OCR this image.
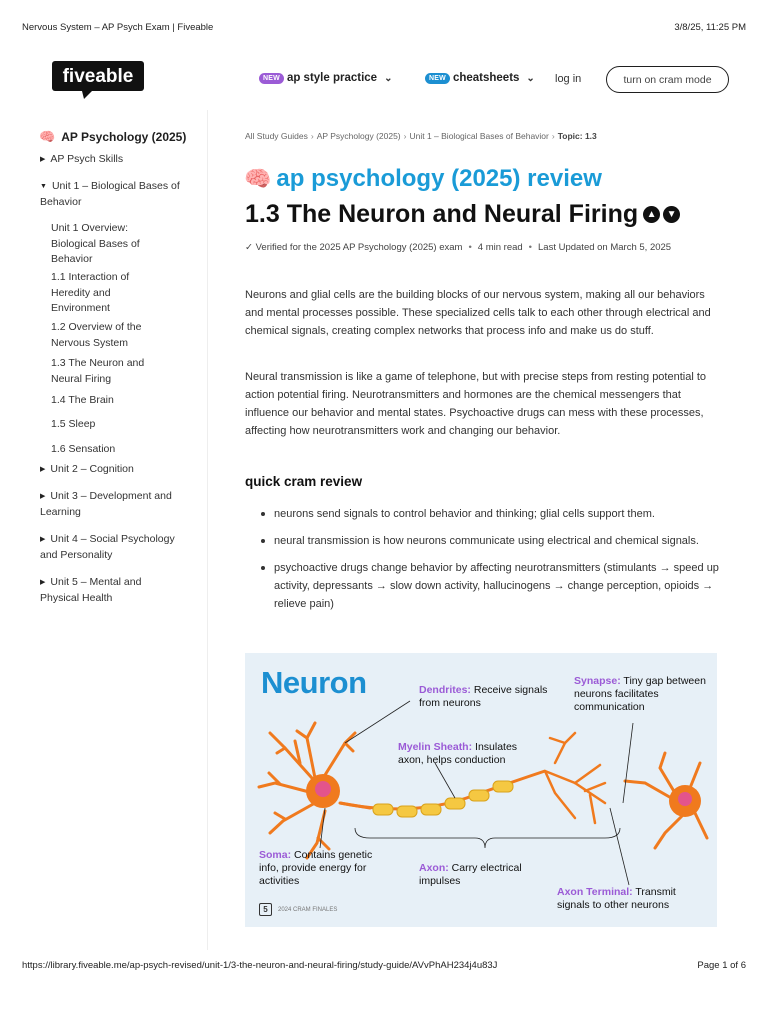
Nervous System – AP Psych Exam | Fiveable	3/8/25, 11:25 PM
fiveable	NEW ap style practice ⌄	NEW cheatsheets ⌄ log in	turn on cram mode
🧠 AP Psychology (2025)
▶ AP Psych Skills
▼ Unit 1 – Biological Bases of Behavior
Unit 1 Overview: Biological Bases of Behavior
1.1 Interaction of Heredity and Environment
1.2 Overview of the Nervous System
1.3 The Neuron and Neural Firing
1.4 The Brain
1.5 Sleep
1.6 Sensation
▶ Unit 2 – Cognition
▶ Unit 3 – Development and Learning
▶ Unit 4 – Social Psychology and Personality
▶ Unit 5 – Mental and Physical Health
All Study Guides › AP Psychology (2025) › Unit 1 – Biological Bases of Behavior › Topic: 1.3
🧠 ap psychology (2025) review
1.3 The Neuron and Neural Firing ▲	▼
✓ Verified for the 2025 AP Psychology (2025) exam • 4 min read • Last Updated on March 5, 2025

Neurons and glial cells are the building blocks of our nervous system, making all our behaviors and mental processes possible. These specialized cells talk to each other through electrical and chemical signals, creating complex networks that process info and make us do stuff.

Neural transmission is like a game of telephone, but with precise steps from resting potential to action potential firing. Neurotransmitters and hormones are the chemical messengers that influence our behavior and mental states. Psychoactive drugs can mess with these processes, affecting how neurotransmitters work and changing our behavior.

quick cram review
neurons send signals to control behavior and thinking; glial cells support them.
neural transmission is how neurons communicate using electrical and chemical signals.
psychoactive drugs change behavior by affecting neurotransmitters (stimulants → speed up activity, depressants → slow down activity, hallucinogens → change perception, opioids → relieve pain)
Neuron	Dendrites: Receive signals from neurons
Synapse: Tiny gap between neurons facilitates communication
Myelin Sheath: Insulates axon, helps conduction
Soma: Contains genetic info, provide energy for activities
Axon: Carry electrical impulses
Axon Terminal: Transmit signals to other neurons
5	2024 CRAM FINALES
https://library.fiveable.me/ap-psych-revised/unit-1/3-the-neuron-and-neural-firing/study-guide/AVvPhAH234j4u83J	Page 1 of 6
